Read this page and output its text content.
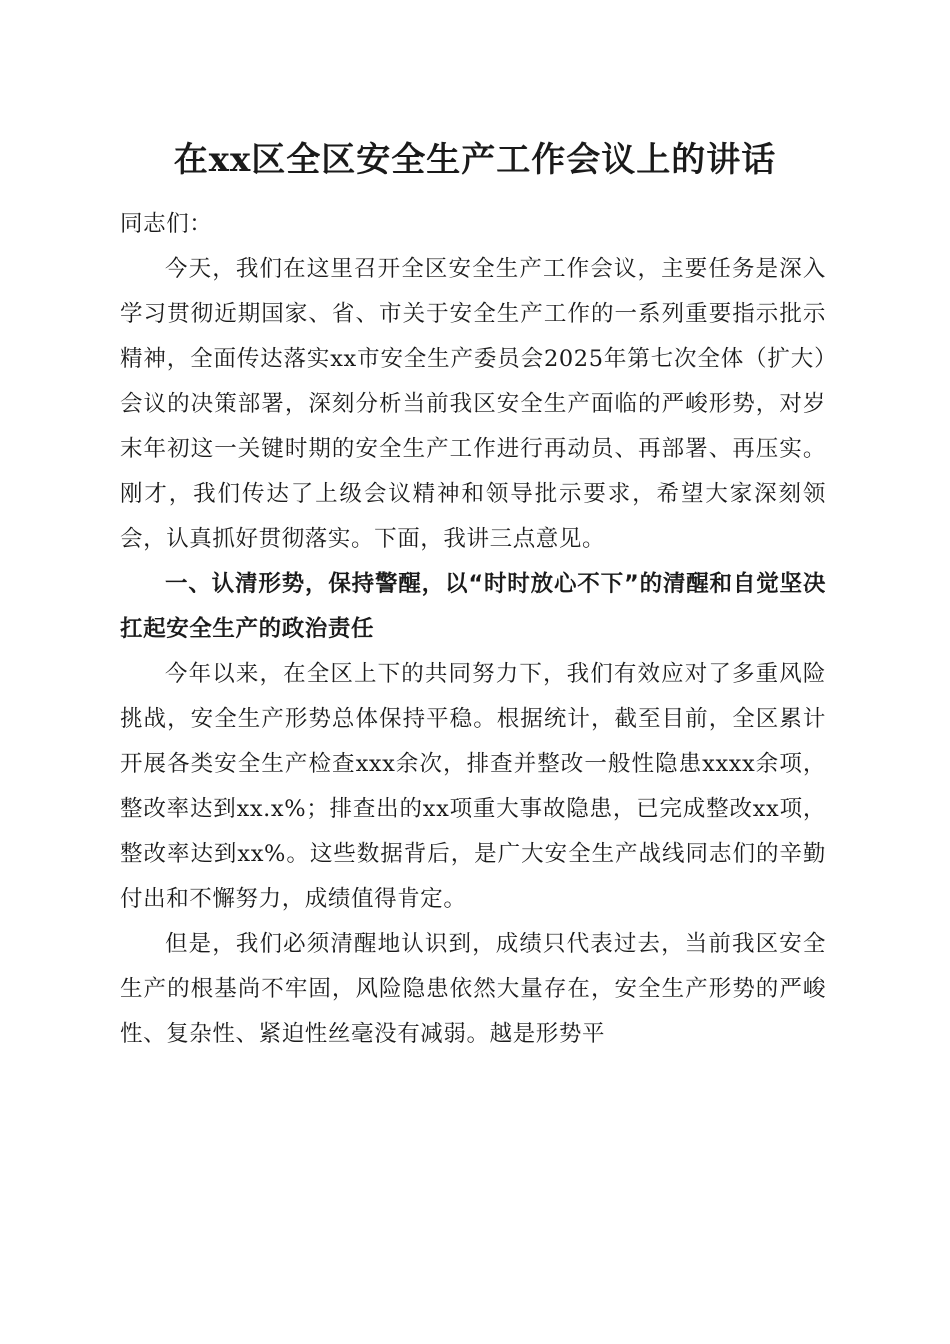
在xx区全区安全生产工作会议上的讲话

同志们：

今天，我们在这里召开全区安全生产工作会议，主要任务是深入学习贯彻近期国家、省、市关于安全生产工作的一系列重要指示批示精神，全面传达落实xx市安全生产委员会2025年第七次全体（扩大）会议的决策部署，深刻分析当前我区安全生产面临的严峻形势，对岁末年初这一关键时期的安全生产工作进行再动员、再部署、再压实。刚才，我们传达了上级会议精神和领导批示要求，希望大家深刻领会，认真抓好贯彻落实。下面，我讲三点意见。

一、认清形势，保持警醒，以“时时放心不下”的清醒和自觉坚决扛起安全生产的政治责任

今年以来，在全区上下的共同努力下，我们有效应对了多重风险挑战，安全生产形势总体保持平稳。根据统计，截至目前，全区累计开展各类安全生产检查xxx余次，排查并整改一般性隐患xxxx余项，整改率达到xx.x%；排查出的xx项重大事故隐患，已完成整改xx项，整改率达到xx%。这些数据背后，是广大安全生产战线同志们的辛勤付出和不懈努力，成绩值得肯定。

但是，我们必须清醒地认识到，成绩只代表过去，当前我区安全生产的根基尚不牢固，风险隐患依然大量存在，安全生产形势的严峻性、复杂性、紧迫性丝毫没有减弱。越是形势平
